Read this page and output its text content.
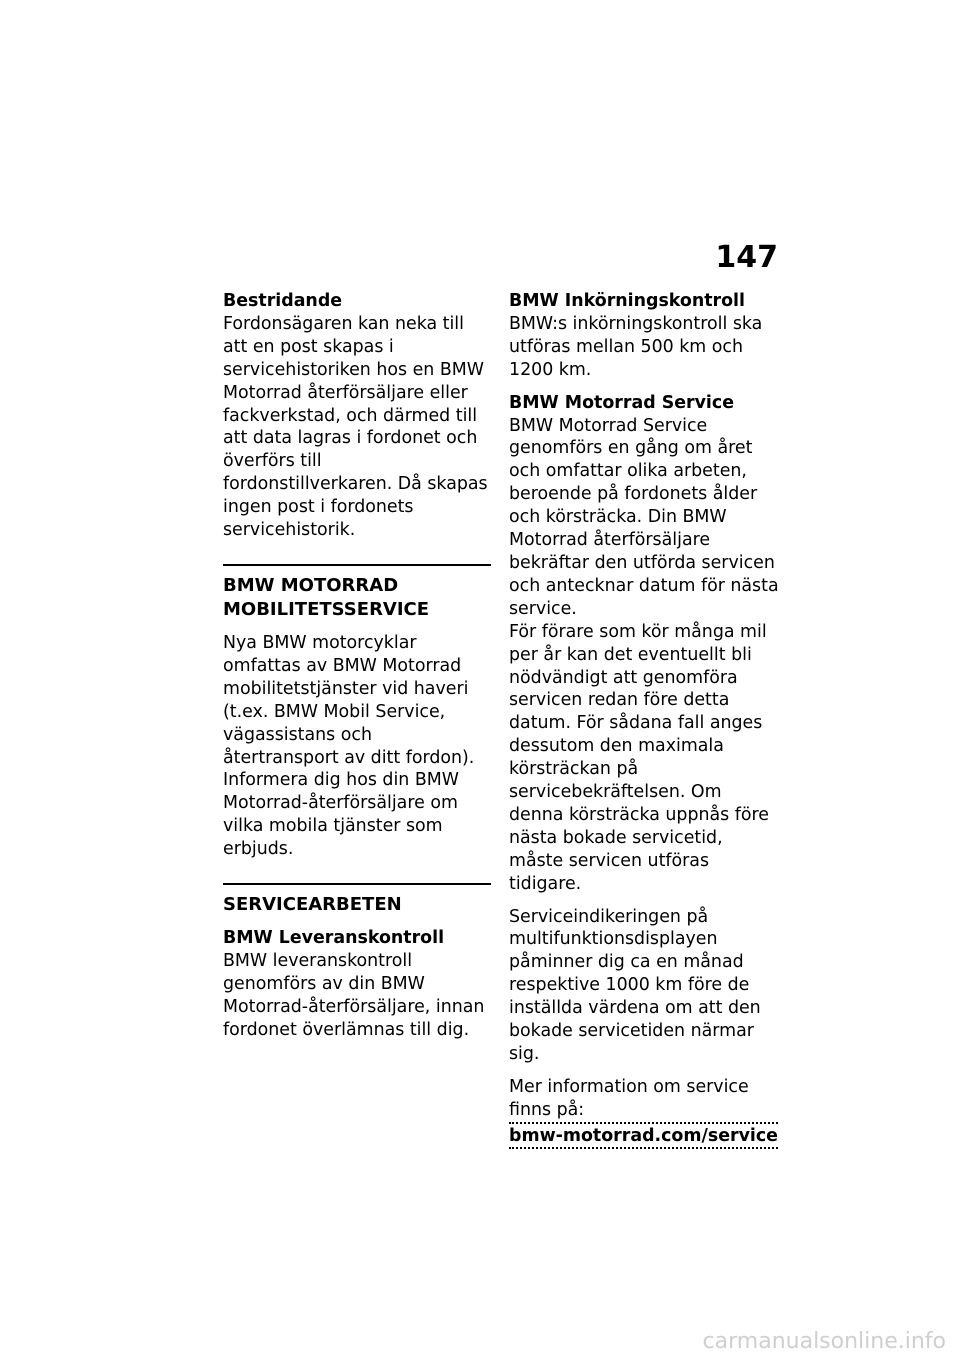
147

Bestridande

Fordonsägaren kan neka till att en post skapas i servicehistoriken hos en BMW Motorrad återförsäljare eller fackverkstad, och därmed till att data lagras i fordonet och överförs till fordonstillverkaren. Då skapas ingen post i fordonets servicehistorik.

BMW MOTORRAD MOBILITETSSERVICE

Nya BMW motorcyklar omfattas av BMW Motorrad mobilitetstjänster vid haveri (t.ex. BMW Mobil Service, vägassistans och återtransport av ditt fordon).

Informera dig hos din BMW Motorrad-återförsäljare om vilka mobila tjänster som erbjuds.

SERVICEARBETEN

BMW Leveranskontroll

BMW leveranskontroll genomförs av din BMW Motorrad-återförsäljare, innan fordonet överlämnas till dig.

BMW Inkörningskontroll

BMW:s inkörningskontroll ska utföras mellan 500 km och 1200 km.

BMW Motorrad Service

BMW Motorrad Service genomförs en gång om året och omfattar olika arbeten, beroende på fordonets ålder och körsträcka. Din BMW Motorrad återförsäljare bekräftar den utförda servicen och antecknar datum för nästa service.

För förare som kör många mil per år kan det eventuellt bli nödvändigt att genomföra servicen redan före detta datum. För sådana fall anges dessutom den maximala körsträckan på servicebekräftelsen. Om denna körsträcka uppnås före nästa bokade servicetid, måste servicen utföras tidigare.

Serviceindikeringen på multifunktionsdisplayen påminner dig ca en månad respektive 1000 km före de inställda värdena om att den bokade servicetiden närmar sig.

Mer information om service finns på:

bmw-motorrad.com/service
carmanualsonline.info
